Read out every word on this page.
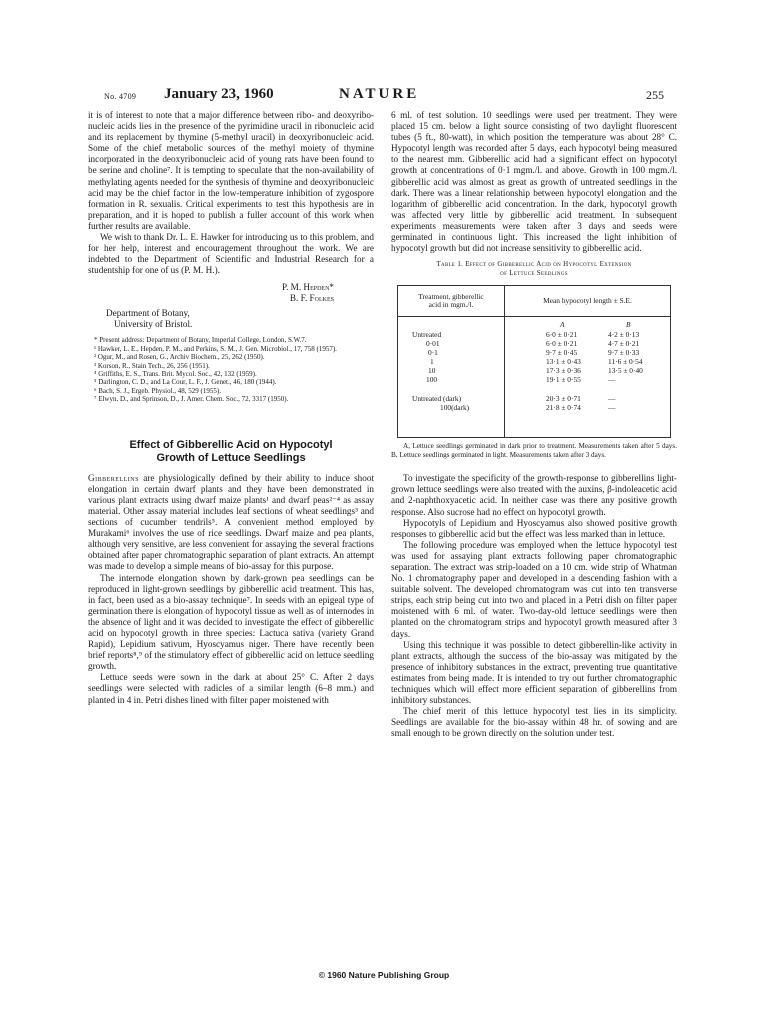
No. 4709 January 23, 1960	NATURE	255

it is of interest to note that a major difference between ribo- and deoxyribo-nucleic acids lies in the presence of the pyrimidine uracil in ribonucleic acid and its replacement by thymine (5-methyl uracil) in deoxyribonucleic acid. Some of the chief metabolic sources of the methyl moiety of thymine incorporated in the deoxyribonucleic acid of young rats have been found to be serine and choline⁷. It is tempting to speculate that the non-availability of methylating agents needed for the synthesis of thymine and deoxyribonucleic acid may be the chief factor in the low-temperature inhibition of zygospore formation in R. sexualis. Critical experiments to test this hypothesis are in preparation, and it is hoped to publish a fuller account of this work when further results are available.

We wish to thank Dr. L. E. Hawker for introducing us to this problem, and for her help, interest and encouragement throughout the work. We are indebted to the Department of Scientific and Industrial Research for a studentship for one of us (P. M. H.).

P. M. Hepden*
B. F. Folkes
Department of Botany,
University of Bristol.
* Present address: Department of Botany, Imperial College, London, S.W.7.
¹ Hawker, L. E., Hepden, P. M., and Perkins, S. M., J. Gen. Microbiol., 17, 758 (1957).
² Ogur, M., and Rosen, G., Archiv Biochem., 25, 262 (1950).
³ Korson, R., Stain Tech., 26, 256 (1951).
⁴ Griffiths, E. S., Trans. Brit. Mycol. Soc., 42, 132 (1959).
⁵ Darlington, C. D., and La Cour, L. F., J. Genet., 46, 180 (1944).
⁶ Bach, S. J., Ergeb. Physiol., 48, 529 (1955).
⁷ Elwyn, D., and Sprinson, D., J. Amer. Chem. Soc., 72, 3317 (1950).
Effect of Gibberellic Acid on Hypocotyl
Growth of Lettuce Seedlings

Gibberellins are physiologically defined by their ability to induce shoot elongation in certain dwarf plants and they have been demonstrated in various plant extracts using dwarf maize plants¹ and dwarf peas²⁻⁴ as assay material. Other assay material includes leaf sections of wheat seedlings³ and sections of cucumber tendrils⁵. A convenient method employed by Murakami⁶ involves the use of rice seedlings. Dwarf maize and pea plants, although very sensitive, are less convenient for assaying the several fractions obtained after paper chromatographic separation of plant extracts. An attempt was made to develop a simple means of bio-assay for this purpose.

The internode elongation shown by dark-grown pea seedlings can be reproduced in light-grown seedlings by gibberellic acid treatment. This has, in fact, been used as a bio-assay technique⁷. In seeds with an epigeal type of germination there is elongation of hypocotyl tissue as well as of internodes in the absence of light and it was decided to investigate the effect of gibberellic acid on hypocotyl growth in three species: Lactuca sativa (variety Grand Rapid), Lepidium sativum, Hyoscyamus niger. There have recently been brief reports⁸,⁹ of the stimulatory effect of gibberellic acid on lettuce seedling growth.

Lettuce seeds were sown in the dark at about 25° C. After 2 days seedlings were selected with radicles of a similar length (6–8 mm.) and planted in 4 in. Petri dishes lined with filter paper moistened with

6 ml. of test solution. 10 seedlings were used per treatment. They were placed 15 cm. below a light source consisting of two daylight fluorescent tubes (5 ft., 80-watt), in which position the temperature was about 28° C. Hypocotyl length was recorded after 5 days, each hypocotyl being measured to the nearest mm. Gibberellic acid had a significant effect on hypocotyl growth at concentrations of 0·1 mgm./l. and above. Growth in 100 mgm./l. gibberellic acid was almost as great as growth of untreated seedlings in the dark. There was a linear relationship between hypocotyl elongation and the logarithm of gibberellic acid concentration. In the dark, hypocotyl growth was affected very little by gibberellic acid treatment. In subsequent experiments measurements were taken after 3 days and seeds were germinated in continuous light. This increased the light inhibition of hypocotyl growth but did not increase sensitivity to gibberellic acid.

Table 1. Effect of Gibberellic Acid on Hypocotyl Extension
of Lettuce Seedlings
Treatment, gibberellic
acid in mgm./l.	Mean hypocotyl length ± S.E.
A	B
Untreated	6·0 ± 0·21	4·2 ± 0·13
0·01	6·0 ± 0·21	4·7 ± 0·21
0·1	9·7 ± 0·45	9·7 ± 0·33
1	13·1 ± 0·43	11·6 ± 0·54
10	17·3 ± 0·36	13·5 ± 0·40
100	19·1 ± 0·55	—
Untreated (dark)	20·3 ± 0·71	—
100(dark)	21·8 ± 0·74	—
A, Lettuce seedlings germinated in dark prior to treatment. Measurements taken after 5 days. B, Lettuce seedlings germinated in light. Measurements taken after 3 days.

To investigate the specificity of the growth-response to gibberellins light-grown lettuce seedlings were also treated with the auxins, β-indoleacetic acid and 2-naphthoxyacetic acid. In neither case was there any positive growth response. Also sucrose had no effect on hypocotyl growth.

Hypocotyls of Lepidium and Hyoscyamus also showed positive growth responses to gibberellic acid but the effect was less marked than in lettuce.

The following procedure was employed when the lettuce hypocotyl test was used for assaying plant extracts following paper chromatographic separation. The extract was strip-loaded on a 10 cm. wide strip of Whatman No. 1 chromatography paper and developed in a descending fashion with a suitable solvent. The developed chromatogram was cut into ten transverse strips, each strip being cut into two and placed in a Petri dish on filter paper moistened with 6 ml. of water. Two-day-old lettuce seedlings were then planted on the chromatogram strips and hypocotyl growth measured after 3 days.

Using this technique it was possible to detect gibberellin-like activity in plant extracts, although the success of the bio-assay was mitigated by the presence of inhibitory substances in the extract, preventing true quantitative estimates from being made. It is intended to try out further chromatographic techniques which will effect more efficient separation of gibberellins from inhibitory substances.

The chief merit of this lettuce hypocotyl test lies in its simplicity. Seedlings are available for the bio-assay within 48 hr. of sowing and are small enough to be grown directly on the solution under test.

© 1960 Nature Publishing Group
